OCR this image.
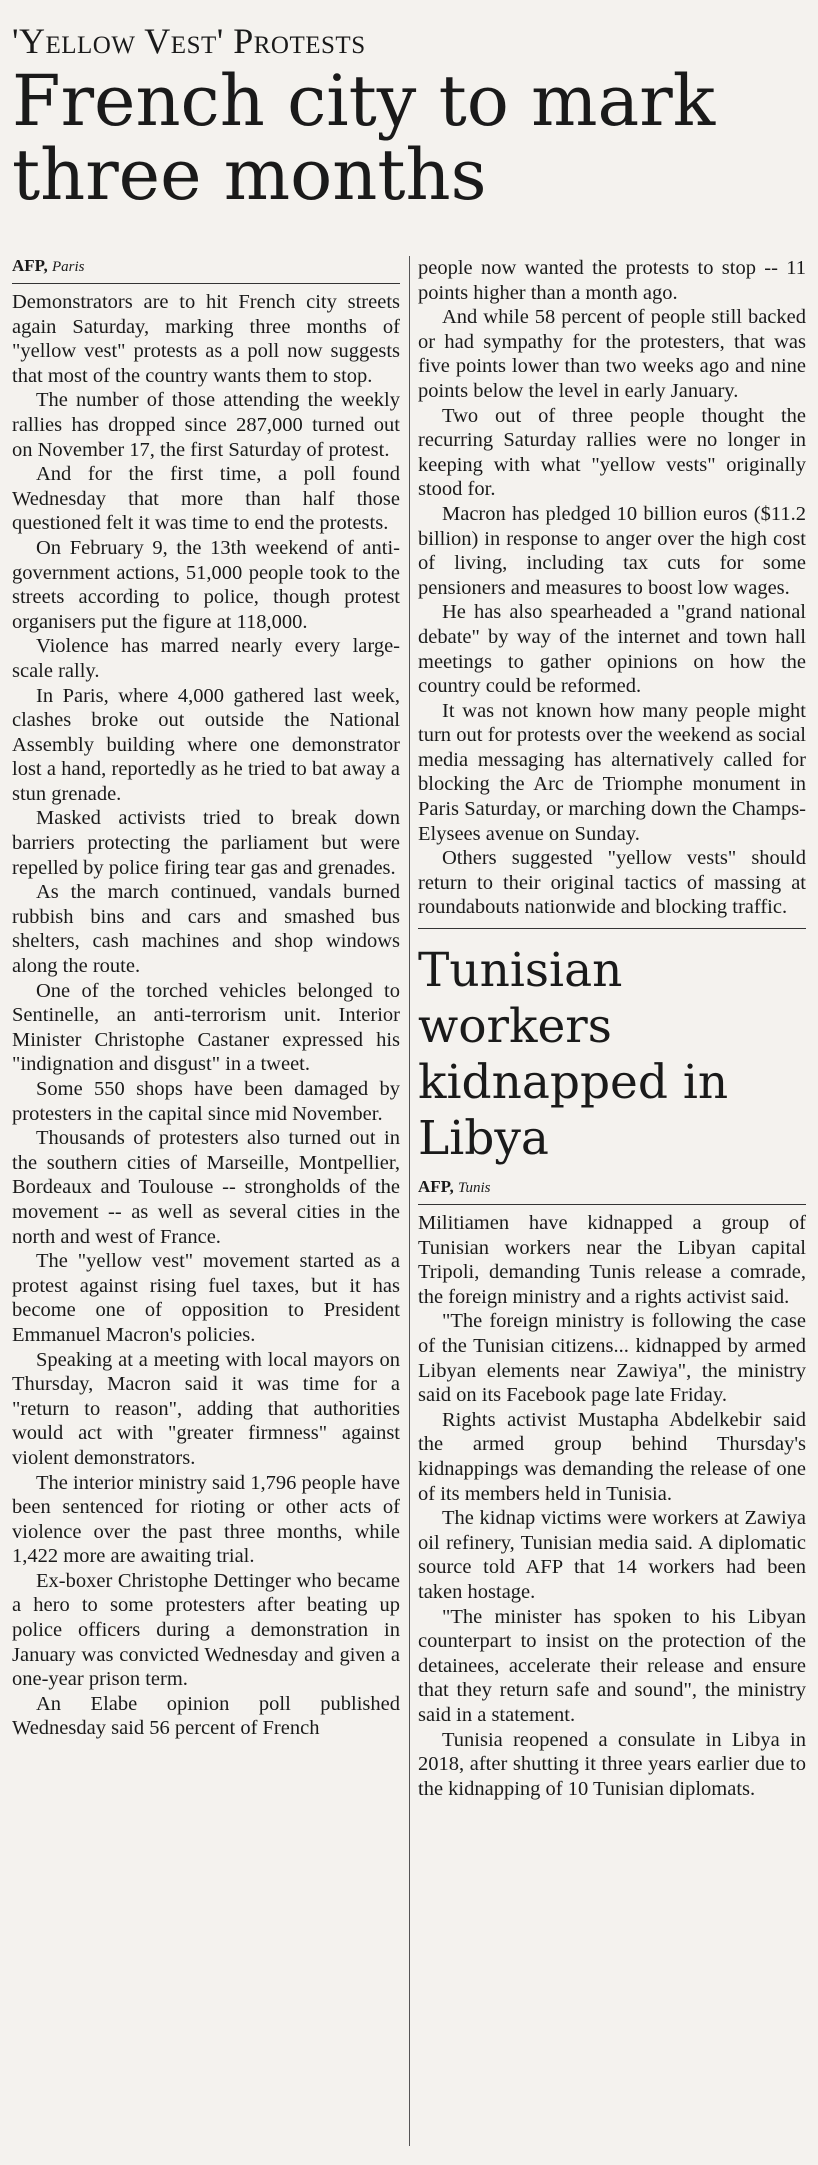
'Yellow Vest' Protests
French city to mark three months
AFP, Paris

Demonstrators are to hit French city streets again Saturday, marking three months of "yellow vest" protests as a poll now suggests that most of the country wants them to stop.

The number of those attending the weekly rallies has dropped since 287,000 turned out on November 17, the first Saturday of protest.

And for the first time, a poll found Wednesday that more than half those questioned felt it was time to end the protests.

On February 9, the 13th weekend of anti-government actions, 51,000 people took to the streets according to police, though protest organisers put the figure at 118,000.

Violence has marred nearly every large-scale rally.

In Paris, where 4,000 gathered last week, clashes broke out outside the National Assembly building where one demonstrator lost a hand, reportedly as he tried to bat away a stun grenade.

Masked activists tried to break down barriers protecting the parliament but were repelled by police firing tear gas and grenades.

As the march continued, vandals burned rubbish bins and cars and smashed bus shelters, cash machines and shop windows along the route.

One of the torched vehicles belonged to Sentinelle, an anti-terrorism unit. Interior Minister Christophe Castaner expressed his "indignation and disgust" in a tweet.

Some 550 shops have been damaged by protesters in the capital since mid November.

Thousands of protesters also turned out in the southern cities of Marseille, Montpellier, Bordeaux and Toulouse -- strongholds of the movement -- as well as several cities in the north and west of France.

The "yellow vest" movement started as a protest against rising fuel taxes, but it has become one of opposition to President Emmanuel Macron's policies.

Speaking at a meeting with local mayors on Thursday, Macron said it was time for a "return to reason", adding that authorities would act with "greater firmness" against violent demonstrators.

The interior ministry said 1,796 people have been sentenced for rioting or other acts of violence over the past three months, while 1,422 more are awaiting trial.

Ex-boxer Christophe Dettinger who became a hero to some protesters after beating up police officers during a demonstration in January was convicted Wednesday and given a one-year prison term.

An Elabe opinion poll published Wednesday said 56 percent of French

people now wanted the protests to stop -- 11 points higher than a month ago.

And while 58 percent of people still backed or had sympathy for the protesters, that was five points lower than two weeks ago and nine points below the level in early January.

Two out of three people thought the recurring Saturday rallies were no longer in keeping with what "yellow vests" originally stood for.

Macron has pledged 10 billion euros ($11.2 billion) in response to anger over the high cost of living, including tax cuts for some pensioners and measures to boost low wages.

He has also spearheaded a "grand national debate" by way of the internet and town hall meetings to gather opinions on how the country could be reformed.

It was not known how many people might turn out for protests over the weekend as social media messaging has alternatively called for blocking the Arc de Triomphe monument in Paris Saturday, or marching down the Champs-Elysees avenue on Sunday.

Others suggested "yellow vests" should return to their original tactics of massing at roundabouts nationwide and blocking traffic.

Tunisian workers kidnapped in Libya
AFP, Tunis

Militiamen have kidnapped a group of Tunisian workers near the Libyan capital Tripoli, demanding Tunis release a comrade, the foreign ministry and a rights activist said.

"The foreign ministry is following the case of the Tunisian citizens... kidnapped by armed Libyan elements near Zawiya", the ministry said on its Facebook page late Friday.

Rights activist Mustapha Abdelkebir said the armed group behind Thursday's kidnappings was demanding the release of one of its members held in Tunisia.

The kidnap victims were workers at Zawiya oil refinery, Tunisian media said. A diplomatic source told AFP that 14 workers had been taken hostage.

"The minister has spoken to his Libyan counterpart to insist on the protection of the detainees, accelerate their release and ensure that they return safe and sound", the ministry said in a statement.

Tunisia reopened a consulate in Libya in 2018, after shutting it three years earlier due to the kidnapping of 10 Tunisian diplomats.
